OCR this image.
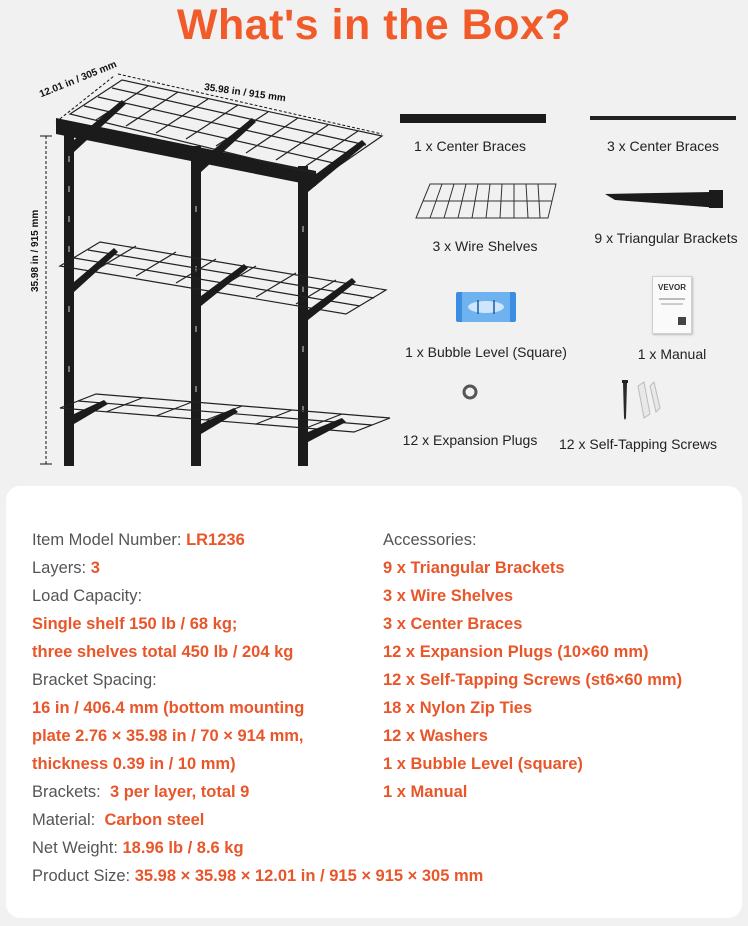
What's in the Box?
12.01 in / 305 mm	35.98 in / 915 mm
35.98 in / 915 mm
1 x Center Braces	3 x Center Braces
3 x Wire Shelves	9 x Triangular Brackets
1 x Bubble Level (Square)
VEVOR
1 x Manual
12 x Expansion Plugs 12 x Self-Tapping Screws
Item Model Number: LR1236
Layers: 3
Load Capacity:
Single shelf 150 lb / 68 kg;
three shelves total 450 lb / 204 kg
Bracket Spacing:
16 in / 406.4 mm (bottom mounting
plate 2.76 × 35.98 in / 70 × 914 mm,
thickness 0.39 in / 10 mm)
Brackets: 3 per layer, total 9
Material: Carbon steel
Net Weight: 18.96 lb / 8.6 kg
Product Size: 35.98 × 35.98 × 12.01 in / 915 × 915 × 305 mm
Accessories:
9 x Triangular Brackets
3 x Wire Shelves
3 x Center Braces
12 x Expansion Plugs (10×60 mm)
12 x Self-Tapping Screws (st6×60 mm)
18 x Nylon Zip Ties
12 x Washers
1 x Bubble Level (square)
1 x Manual
